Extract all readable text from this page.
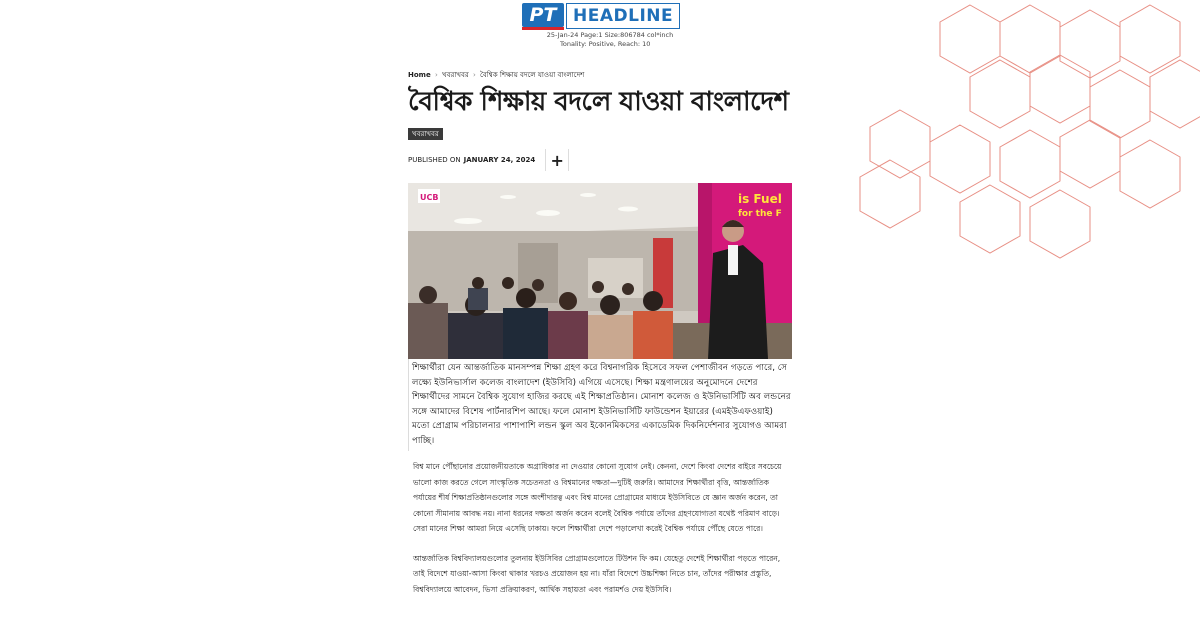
PT HEADLINE
25-Jan-24 Page:1 Size:806784 col*inch
Tonality: Positive, Reach: 10
Home › খবরাখবর › বৈশ্বিক শিক্ষায় বদলে যাওয়া বাংলাদেশ
বৈশ্বিক শিক্ষায় বদলে যাওয়া বাংলাদেশ
খবরাখবর
PUBLISHED ON JANUARY 24, 2024 +
is Fuel
for the F
UCB

শিক্ষার্থীরা যেন আন্তর্জাতিক মানসম্পন্ন শিক্ষা গ্রহণ করে বিশ্বনাগরিক হিসেবে সফল পেশাজীবন গড়তে পারে, সে লক্ষ্যে ইউনিভার্সাল কলেজ বাংলাদেশ (ইউসিবি) এগিয়ে এসেছে। শিক্ষা মন্ত্রণালয়ের অনুমোদনে দেশের শিক্ষার্থীদের সামনে বৈশ্বিক সুযোগ হাজির করছে এই শিক্ষাপ্রতিষ্ঠান। মোনাশ কলেজ ও ইউনিভার্সিটি অব লন্ডনের সঙ্গে আমাদের বিশেষ পার্টনারশিপ আছে। ফলে মোনাশ ইউনিভার্সিটি ফাউন্ডেশন ইয়ারের (এমইউএফওয়াই) মতো প্রোগ্রাম পরিচালনার পাশাপাশি লন্ডন স্কুল অব ইকোনমিকসের একাডেমিক দিকনির্দেশনার সুযোগও আমরা পাচ্ছি।

বিশ্ব মানে পৌঁছানোর প্রয়োজনীয়তাকে অগ্রাধিকার না দেওয়ার কোনো সুযোগ নেই। কেননা, দেশে কিংবা দেশের বাইরে সবচেয়ে ভালো কাজ করতে গেলে সাংস্কৃতিক সচেতনতা ও বিশ্বমানের দক্ষতা—দুটিই জরুরি। আমাদের শিক্ষার্থীরা বৃত্তি, আন্তর্জাতিক পর্যায়ের শীর্ষ শিক্ষাপ্রতিষ্ঠানগুলোর সঙ্গে অংশীদারত্ব এবং বিশ্ব মানের প্রোগ্রামের মাধ্যমে ইউসিবিতে যে জ্ঞান অর্জন করেন, তা কোনো সীমানায় আবদ্ধ নয়। নানা ধরনের দক্ষতা অর্জন করেন বলেই বৈশ্বিক পর্যায়ে তাঁদের গ্রহণযোগ্যতা যথেষ্ট পরিমাণ বাড়ে। সেরা মানের শিক্ষা আমরা নিয়ে এসেছি ঢাকায়। ফলে শিক্ষার্থীরা দেশে পড়ালেখা করেই বৈশ্বিক পর্যায়ে পৌঁছে যেতে পারে।

আন্তর্জাতিক বিশ্ববিদ্যালয়গুলোর তুলনায় ইউসিবির প্রোগ্রামগুলোতে টিউশন ফি কম। যেহেতু দেশেই শিক্ষার্থীরা পড়তে পারেন, তাই বিদেশে যাওয়া-আসা কিংবা থাকার খরচও প্রয়োজন হয় না। যাঁরা বিদেশে উচ্চশিক্ষা নিতে চান, তাঁদের পরীক্ষার প্রস্তুতি, বিশ্ববিদ্যালয়ে আবেদন, ভিসা প্রক্রিয়াকরণ, আর্থিক সহায়তা এবং পরামর্শও দেয় ইউসিবি।
